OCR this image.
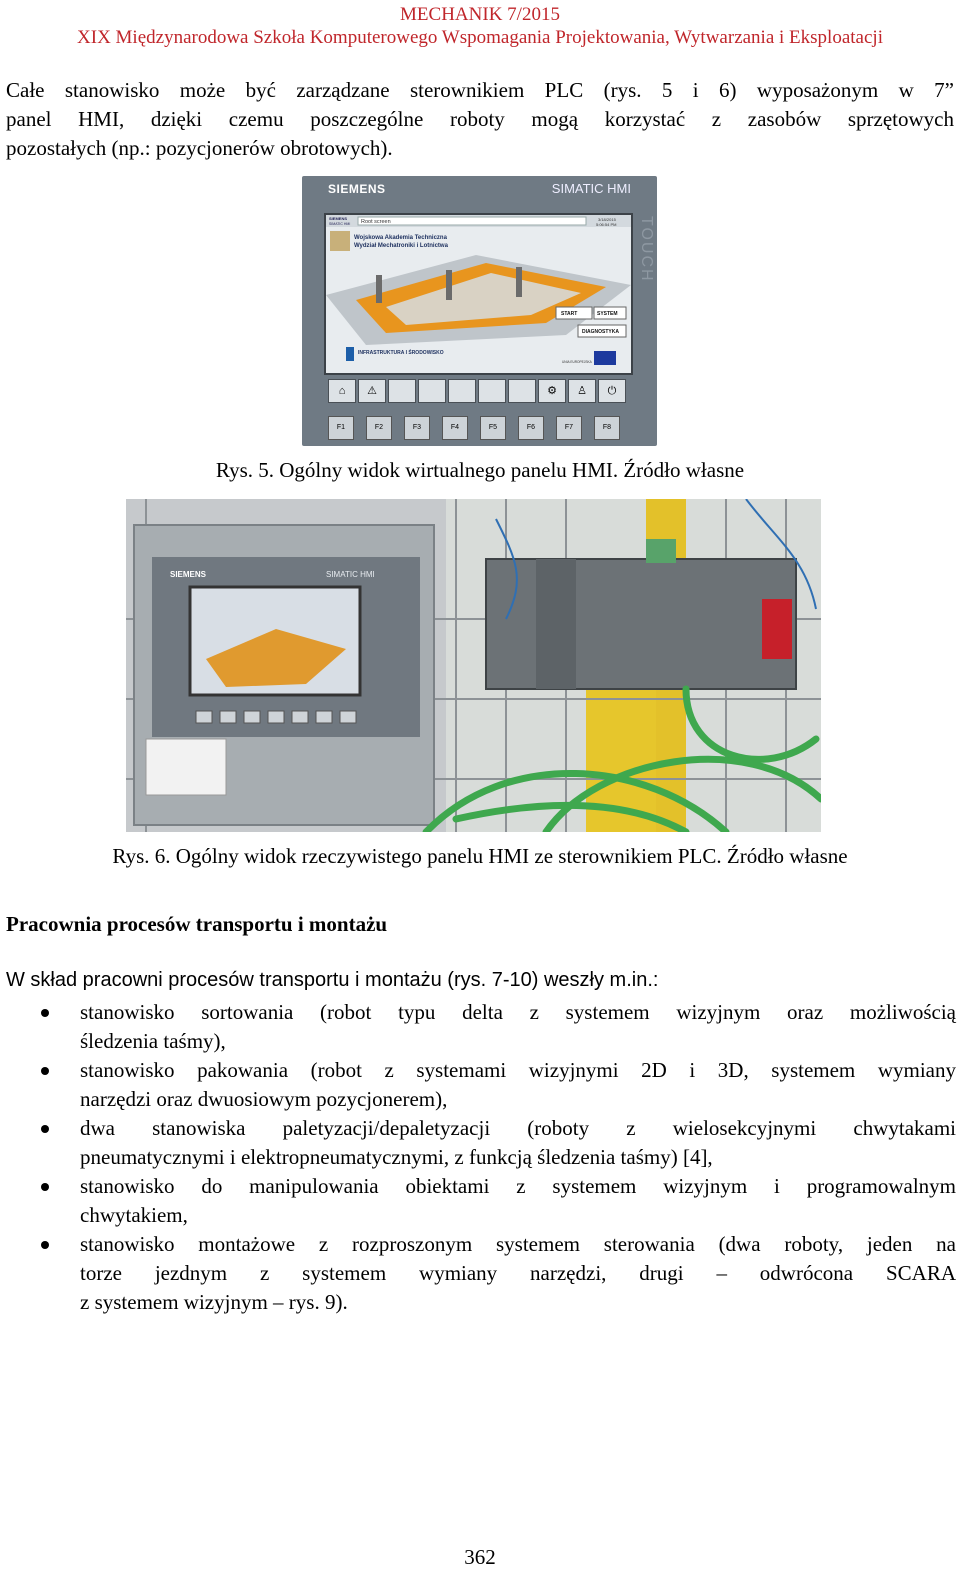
MECHANIK 7/2015
XIX Międzynarodowa Szkoła Komputerowego Wspomagania Projektowania, Wytwarzania i Eksploatacji
Całe stanowisko może być zarządzane sterownikiem PLC (rys. 5 i 6) wyposażonym w 7”
panel HMI, dzięki czemu poszczególne roboty mogą korzystać z zasobów sprzętowych
pozostałych (np.: pozycjonerów obrotowych).
SIEMENS	SIMATIC HMI
TOUCH
SIEMENS
SIMATIC HMI Root screen	3/18/2015
5:06:54 PM
Wojskowa Akademia Techniczna
Wydział Mechatroniki i Lotnictwa
START	SYSTEM
DIAGNOSTYKA
INFRASTRUKTURA I ŚRODOWISKO
UNIA EUROPEJSKA
⌂	⚠	⚙	♙	⏻
F1	F2	F3	F4	F5	F6	F7	F8
Rys. 5. Ogólny widok wirtualnego panelu HMI. Źródło własne
SIEMENS	SIMATIC HMI
Rys. 6. Ogólny widok rzeczywistego panelu HMI ze sterownikiem PLC. Źródło własne
Pracownia procesów transportu i montażu
W skład pracowni procesów transportu i montażu (rys. 7-10) weszły m.in.:
stanowisko sortowania (robot typu delta z systemem wizyjnym oraz możliwością
śledzenia taśmy),
stanowisko pakowania (robot z systemami wizyjnymi 2D i 3D, systemem wymiany
narzędzi oraz dwuosiowym pozycjonerem),
dwa stanowiska paletyzacji/depaletyzacji (roboty z wielosekcyjnymi chwytakami
pneumatycznymi i elektropneumatycznymi, z funkcją śledzenia taśmy) [4],
stanowisko do manipulowania obiektami z systemem wizyjnym i programowalnym
chwytakiem,
stanowisko montażowe z rozproszonym systemem sterowania (dwa roboty, jeden na
torze jezdnym z systemem wymiany narzędzi, drugi – odwrócona SCARA
z systemem wizyjnym – rys. 9).
362
